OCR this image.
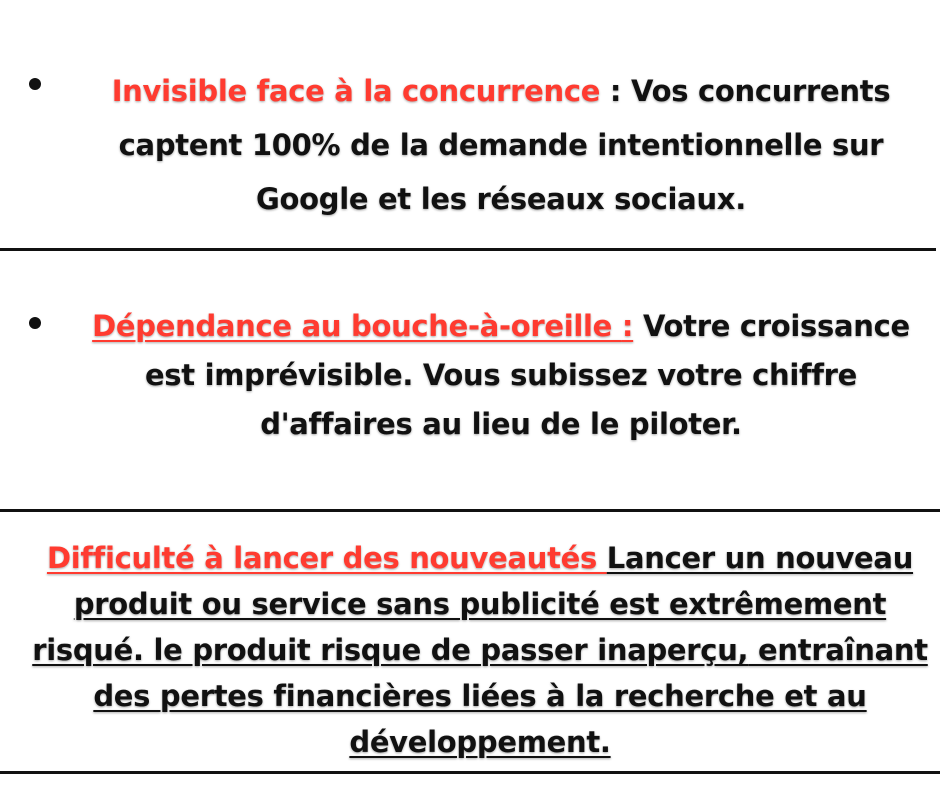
Invisible face à la concurrence : Vos concurrents captent 100% de la demande intentionnelle sur Google et les réseaux sociaux.
Dépendance au bouche-à-oreille : Votre croissance est imprévisible. Vous subissez votre chiffre d'affaires au lieu de le piloter.
Difficulté à lancer des nouveautés Lancer un nouveau produit ou service sans publicité est extrêmement risqué. le produit risque de passer inaperçu, entraînant des pertes financières liées à la recherche et au développement.
